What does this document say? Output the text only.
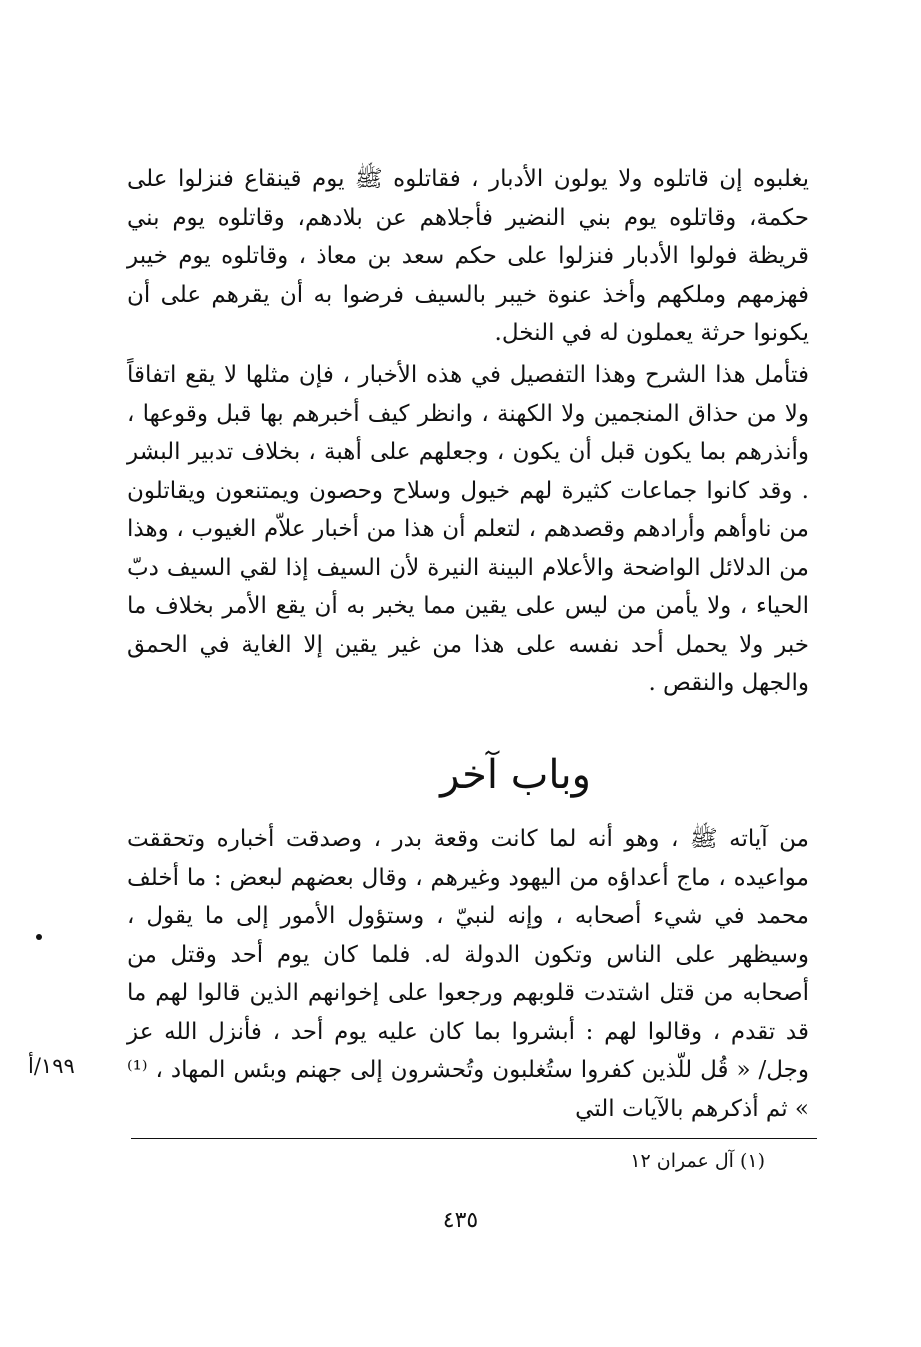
يغلبوه إن قاتلوه ولا يولون الأدبار ، فقاتلوه ﷺ يوم قينقاع فنزلوا على حكمة، وقاتلوه يوم بني النضير فأجلاهم عن بلادهم، وقاتلوه يوم بني قريظة فولوا الأدبار فنزلوا على حكم سعد بن معاذ ، وقاتلوه يوم خيبر فهزمهم وملكهم وأخذ عنوة خيبر بالسيف فرضوا به أن يقرهم على أن يكونوا حرثة يعملون له في النخل.

فتأمل هذا الشرح وهذا التفصيل في هذه الأخبار ، فإن مثلها لا يقع اتفاقاً ولا من حذاق المنجمين ولا الكهنة ، وانظر كيف أخبرهم بها قبل وقوعها ، وأنذرهم بما يكون قبل أن يكون ، وجعلهم على أهبة ، بخلاف تدبير البشر . وقد كانوا جماعات كثيرة لهم خيول وسلاح وحصون ويمتنعون ويقاتلون من ناوأهم وأرادهم وقصدهم ، لتعلم أن هذا من أخبار علاّم الغيوب ، وهذا من الدلائل الواضحة والأعلام البينة النيرة لأن السيف إذا لقي السيف دبّ الحياء ، ولا يأمن من ليس على يقين مما يخبر به أن يقع الأمر بخلاف ما خبر ولا يحمل أحد نفسه على هذا من غير يقين إلا الغاية في الحمق والجهل والنقص .

وباب آخر

من آياته ﷺ ، وهو أنه لما كانت وقعة بدر ، وصدقت أخباره وتحققت مواعيده ، ماج أعداؤه من اليهود وغيرهم ، وقال بعضهم لبعض : ما أخلف محمد في شيء أصحابه ، وإنه لنبيّ ، وستؤول الأمور إلى ما يقول ، وسيظهر على الناس وتكون الدولة له. فلما كان يوم أحد وقتل من أصحابه من قتل اشتدت قلوبهم ورجعوا على إخوانهم الذين قالوا لهم ما قد تقدم ، وقالوا لهم : أبشروا بما كان عليه يوم أحد ، فأنزل الله عز وجل/ « قُل للّذين كفروا ستُغلبون وتُحشرون إلى جهنم وبئس المهاد ، ⁽¹⁾ » ثم أذكرهم بالآيات التي

١٩٩/أ
(١) آل عمران ١٢
٤٣٥
